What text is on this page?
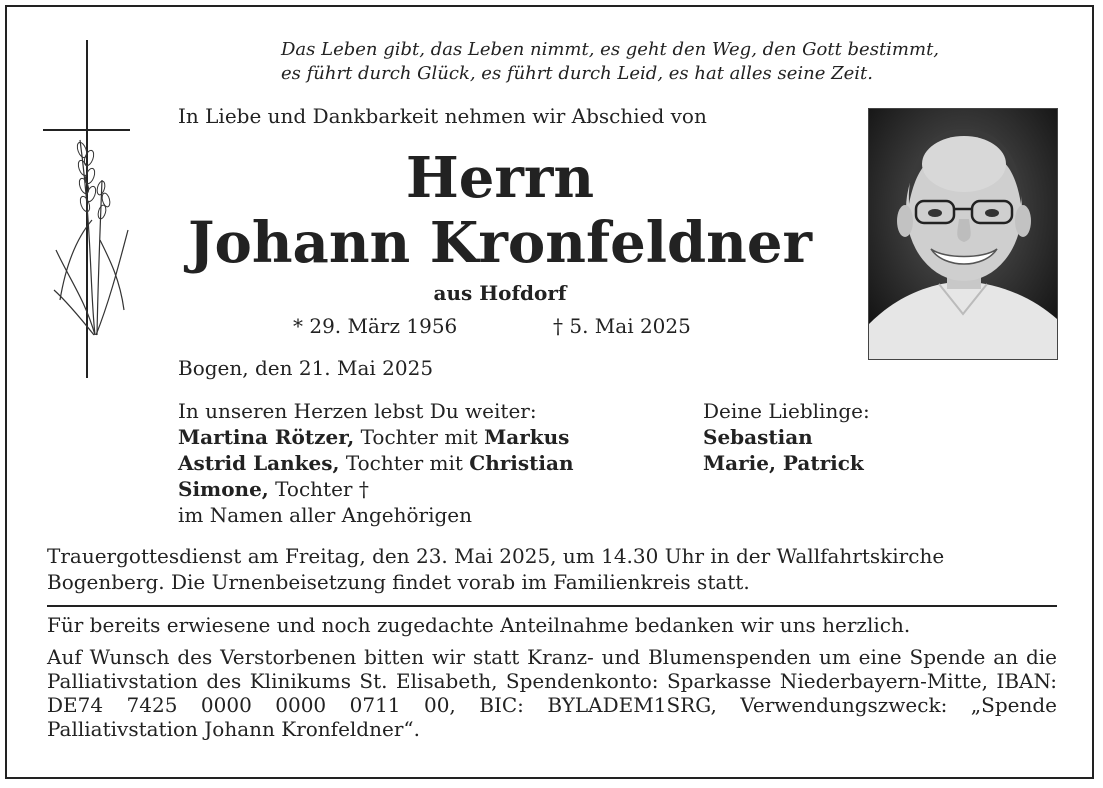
Das Leben gibt, das Leben nimmt, es geht den Weg, den Gott bestimmt,
es führt durch Glück, es führt durch Leid, es hat alles seine Zeit.
In Liebe und Dankbarkeit nehmen wir Abschied von
Herrn
Johann Kronfeldner
aus Hofdorf
* 29. März 1956	† 5. Mai 2025
Bogen, den 21. Mai 2025
In unseren Herzen lebst Du weiter:
Martina Rötzer, Tochter mit Markus
Astrid Lankes, Tochter mit Christian
Simone, Tochter †
im Namen aller Angehörigen
Deine Lieblinge:
Sebastian
Marie, Patrick
Trauergottesdienst am Freitag, den 23. Mai 2025, um 14.30 Uhr in der Wallfahrtskirche Bogenberg. Die Urnenbeisetzung findet vorab im Familienkreis statt.
Für bereits erwiesene und noch zugedachte Anteilnahme bedanken wir uns herzlich.
Auf Wunsch des Verstorbenen bitten wir statt Kranz- und Blumenspenden um eine Spende an die Palliativstation des Klinikums St. Elisabeth, Spendenkonto: Sparkasse Niederbayern-Mitte, IBAN: DE74 7425 0000 0000 0711 00, BIC: BYLADEM1SRG, Verwendungszweck: „Spende Palliativstation Johann Kronfeldner“.
